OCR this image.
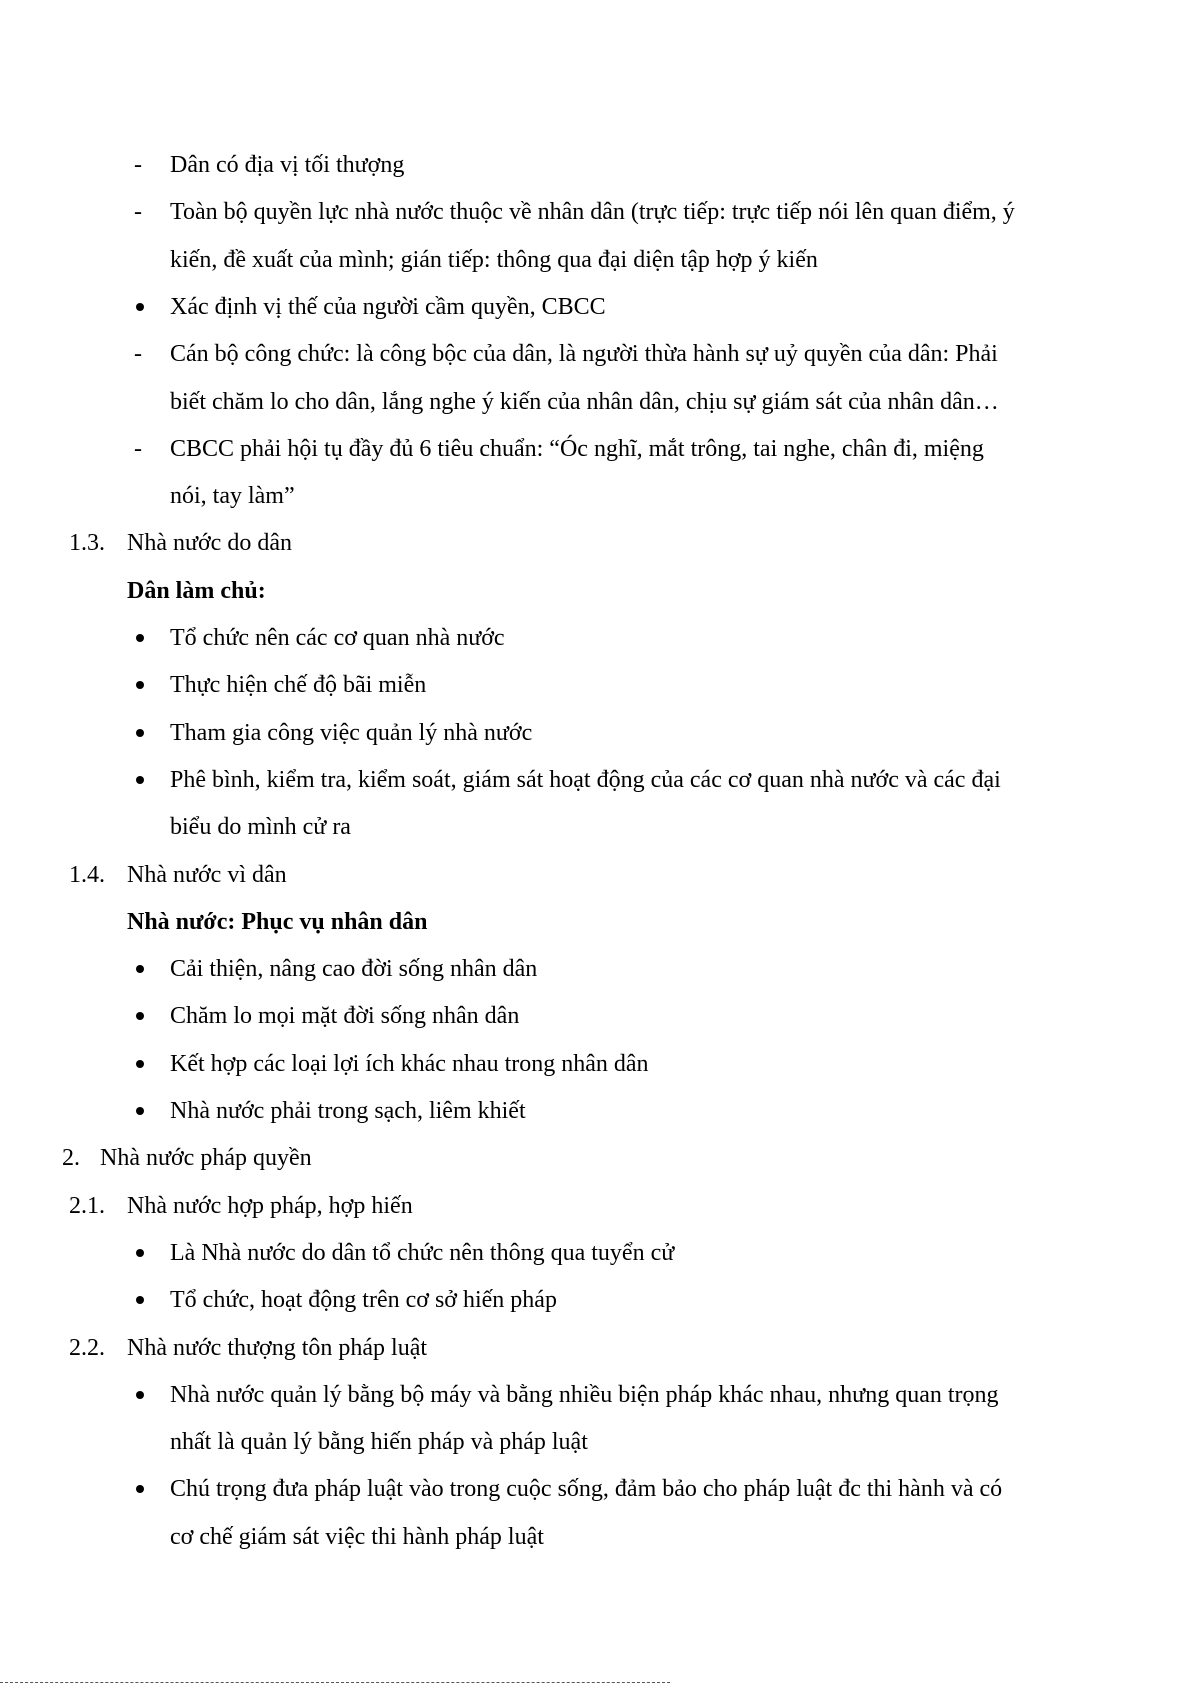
- Dân có địa vị tối thượng
- Toàn bộ quyền lực nhà nước thuộc về nhân dân (trực tiếp: trực tiếp nói lên quan điểm, ý
kiến, đề xuất của mình; gián tiếp: thông qua đại diện tập hợp ý kiến
Xác định vị thế của người cầm quyền, CBCC
- Cán bộ công chức: là công bộc của dân, là người thừa hành sự uỷ quyền của dân: Phải
biết chăm lo cho dân, lắng nghe ý kiến của nhân dân, chịu sự giám sát của nhân dân…
- CBCC phải hội tụ đầy đủ 6 tiêu chuẩn: “Óc nghĩ, mắt trông, tai nghe, chân đi, miệng
nói, tay làm”
1.3. Nhà nước do dân
Dân làm chủ:
Tổ chức nên các cơ quan nhà nước
Thực hiện chế độ bãi miễn
Tham gia công việc quản lý nhà nước
Phê bình, kiểm tra, kiểm soát, giám sát hoạt động của các cơ quan nhà nước và các đại
biểu do mình cử ra
1.4. Nhà nước vì dân
Nhà nước: Phục vụ nhân dân
Cải thiện, nâng cao đời sống nhân dân
Chăm lo mọi mặt đời sống nhân dân
Kết hợp các loại lợi ích khác nhau trong nhân dân
Nhà nước phải trong sạch, liêm khiết
2. Nhà nước pháp quyền
2.1. Nhà nước hợp pháp, hợp hiến
Là Nhà nước do dân tổ chức nên thông qua tuyển cử
Tổ chức, hoạt động trên cơ sở hiến pháp
2.2. Nhà nước thượng tôn pháp luật
Nhà nước quản lý bằng bộ máy và bằng nhiều biện pháp khác nhau, nhưng quan trọng
nhất là quản lý bằng hiến pháp và pháp luật
Chú trọng đưa pháp luật vào trong cuộc sống, đảm bảo cho pháp luật đc thi hành và có
cơ chế giám sát việc thi hành pháp luật
